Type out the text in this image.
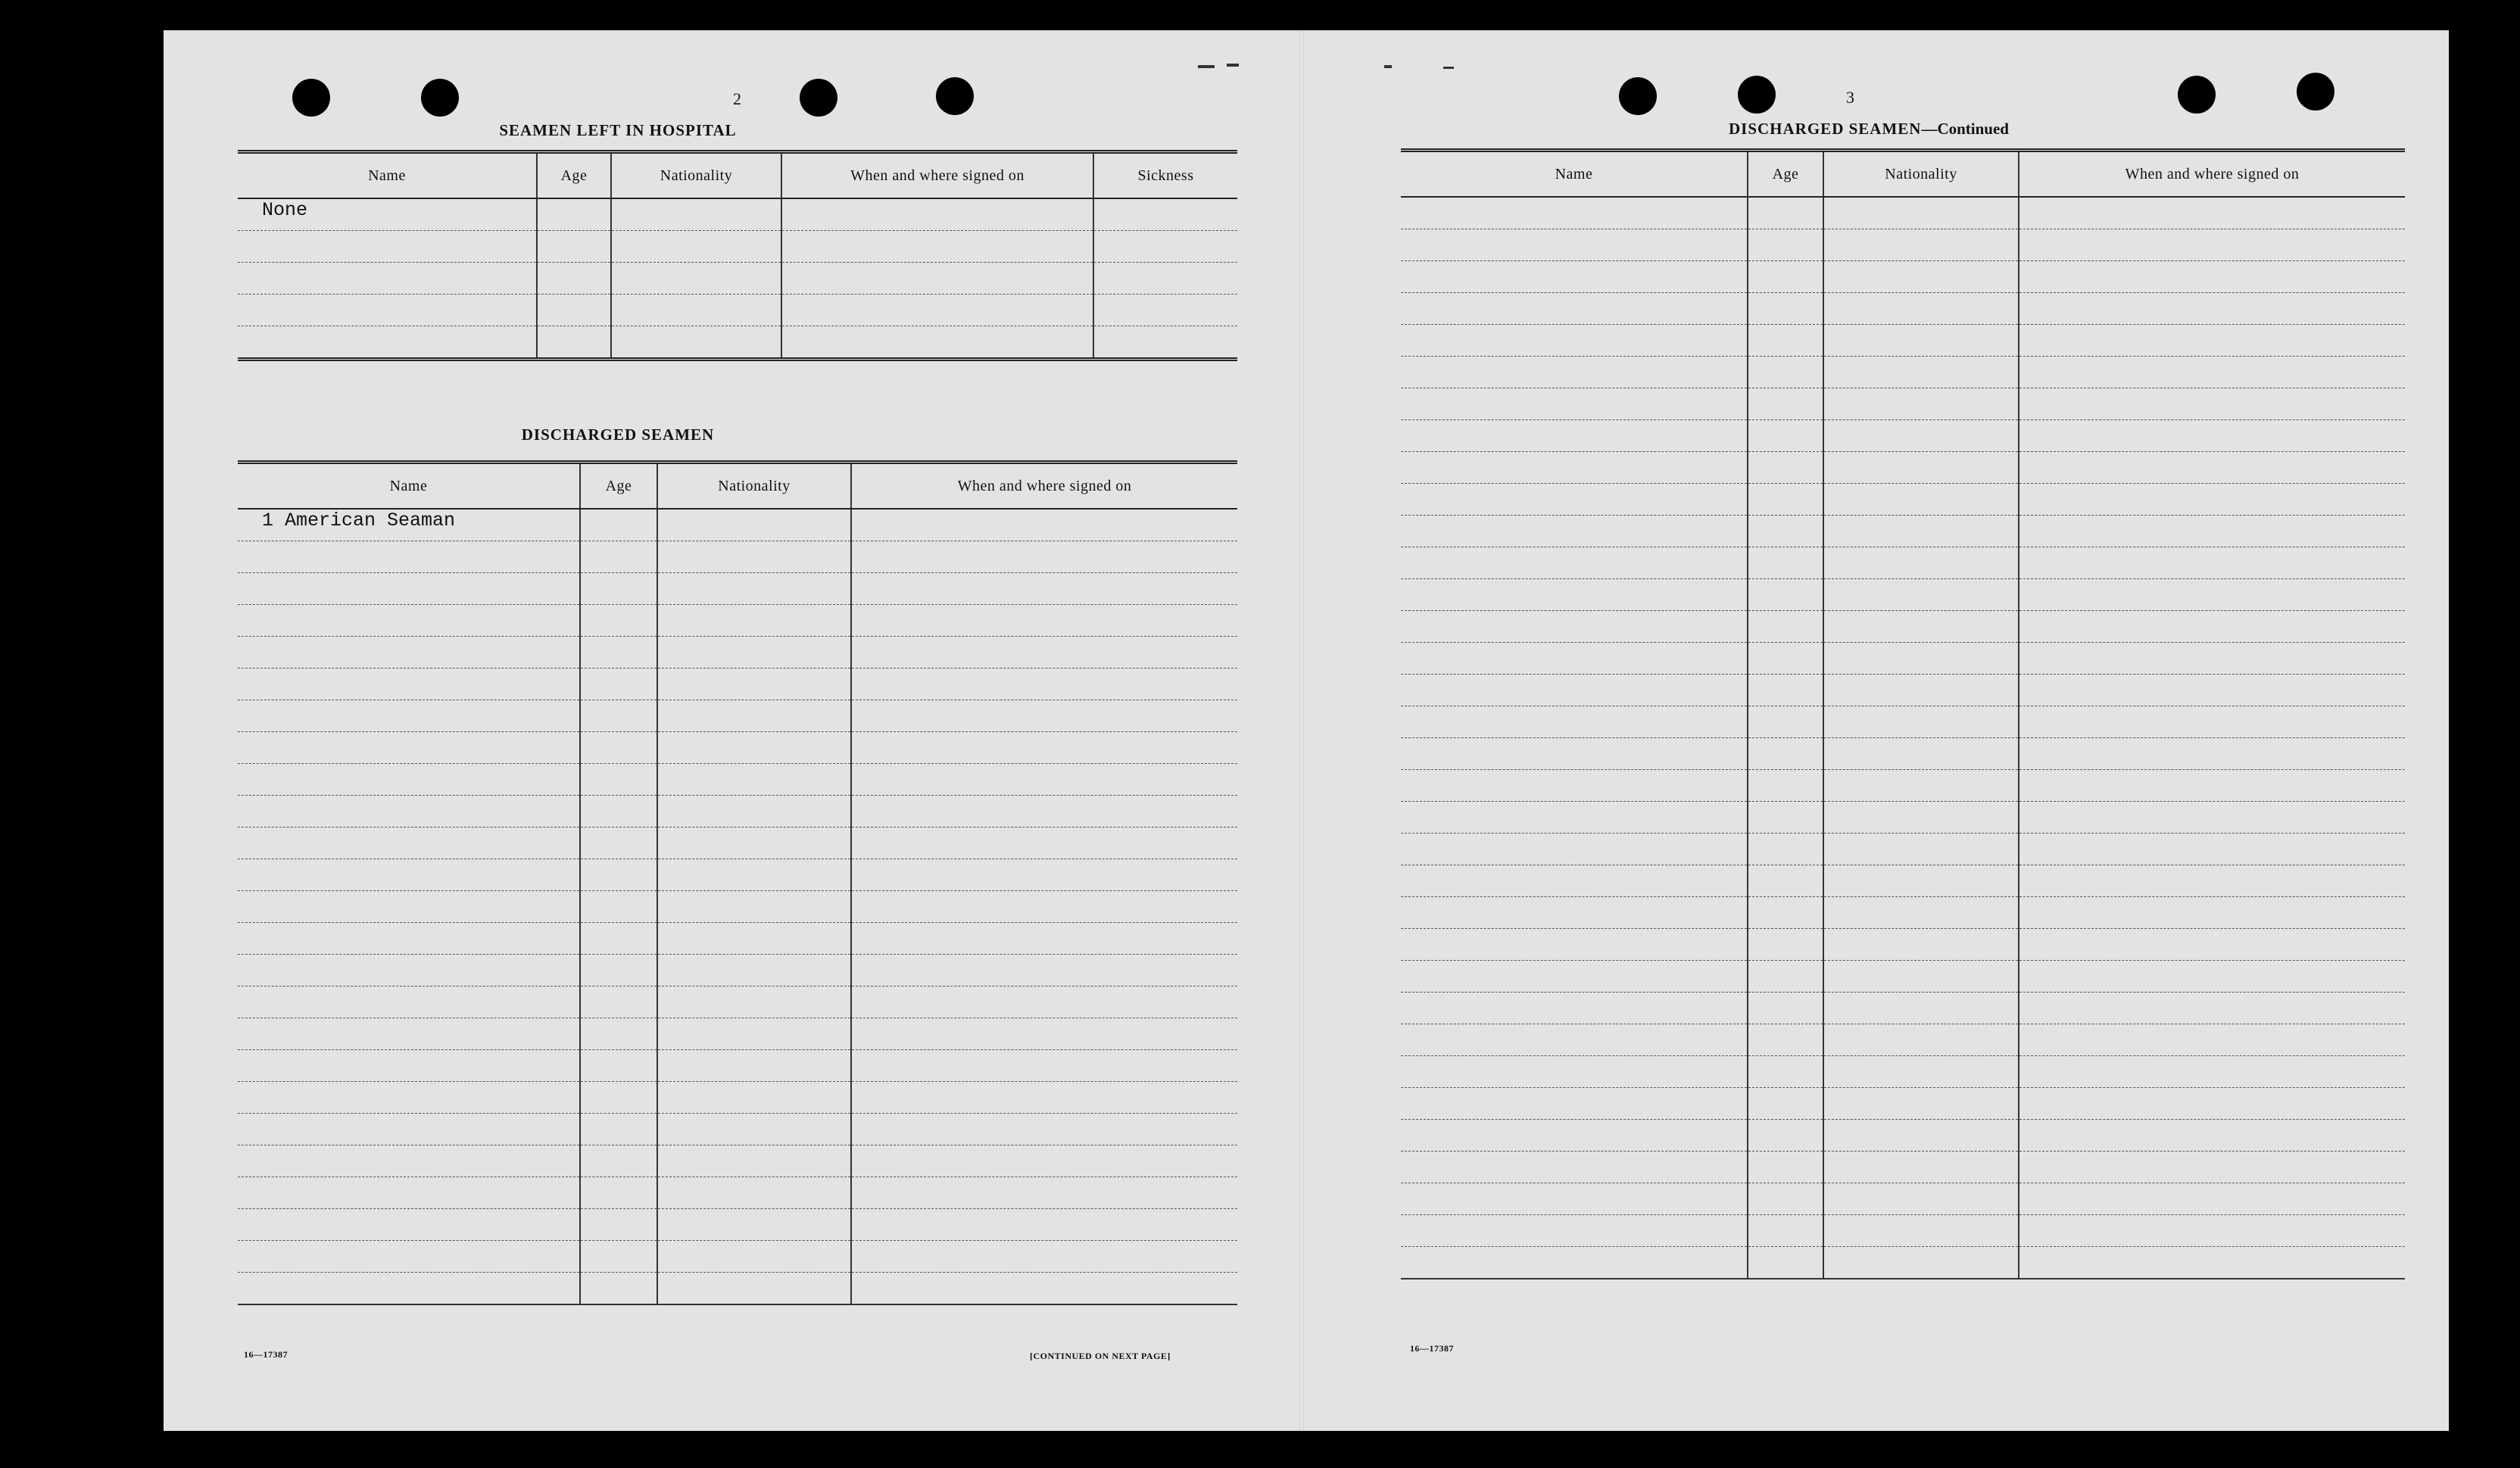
2
SEAMEN LEFT IN HOSPITAL
Name	Age	Nationality	When and where signed on	Sickness
None				

DISCHARGED SEAMEN
Name	Age	Nationality	When and where signed on
1 American Seaman			

16—17387	[CONTINUED ON NEXT PAGE]
3
DISCHARGED SEAMEN—Continued
Name	Age	Nationality	When and where signed on

16—17387
